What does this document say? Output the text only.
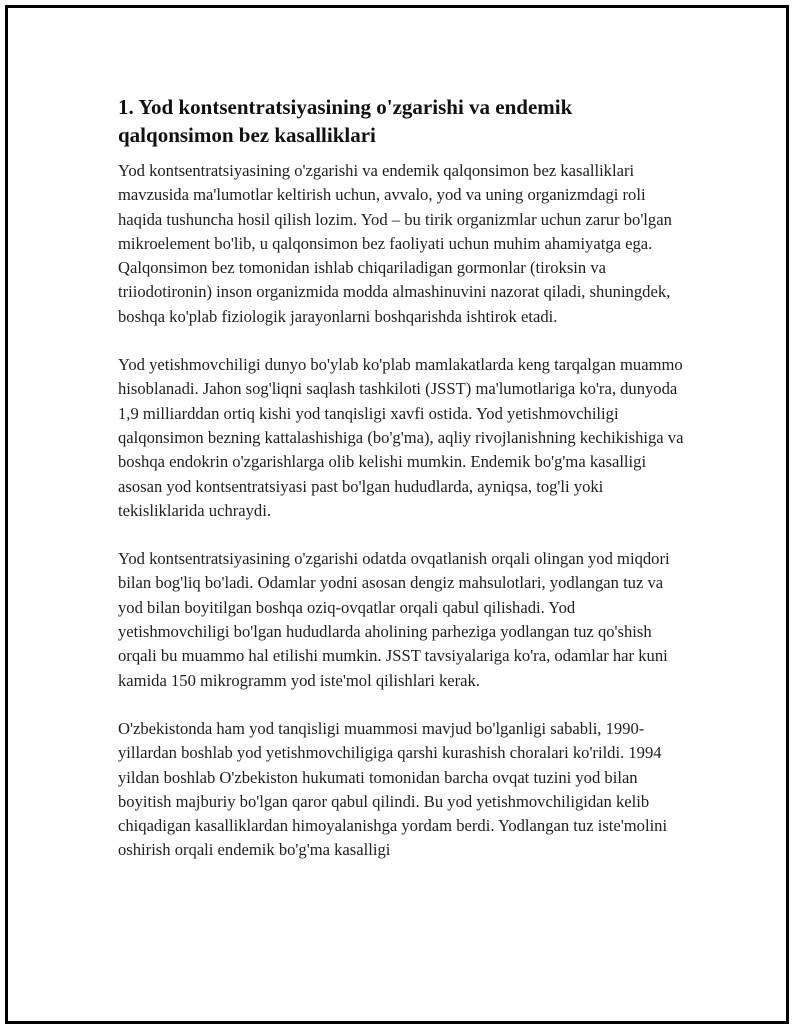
1. Yod kontsentratsiyasining o'zgarishi va endemik qalqonsimon bez kasalliklari

Yod kontsentratsiyasining o'zgarishi va endemik qalqonsimon bez kasalliklari mavzusida ma'lumotlar keltirish uchun, avvalo, yod va uning organizmdagi roli haqida tushuncha hosil qilish lozim. Yod – bu tirik organizmlar uchun zarur bo'lgan mikroelement bo'lib, u qalqonsimon bez faoliyati uchun muhim ahamiyatga ega. Qalqonsimon bez tomonidan ishlab chiqariladigan gormonlar (tiroksin va triiodotironin) inson organizmida modda almashinuvini nazorat qiladi, shuningdek, boshqa ko'plab fiziologik jarayonlarni boshqarishda ishtirok etadi.

Yod yetishmovchiligi dunyo bo'ylab ko'plab mamlakatlarda keng tarqalgan muammo hisoblanadi. Jahon sog'liqni saqlash tashkiloti (JSST) ma'lumotlariga ko'ra, dunyoda 1,9 milliarddan ortiq kishi yod tanqisligi xavfi ostida. Yod yetishmovchiligi qalqonsimon bezning kattalashishiga (bo'g'ma), aqliy rivojlanishning kechikishiga va boshqa endokrin o'zgarishlarga olib kelishi mumkin. Endemik bo'g'ma kasalligi asosan yod kontsentratsiyasi past bo'lgan hududlarda, ayniqsa, tog'li yoki tekisliklarida uchraydi.

Yod kontsentratsiyasining o'zgarishi odatda ovqatlanish orqali olingan yod miqdori bilan bog'liq bo'ladi. Odamlar yodni asosan dengiz mahsulotlari, yodlangan tuz va yod bilan boyitilgan boshqa oziq-ovqatlar orqali qabul qilishadi. Yod yetishmovchiligi bo'lgan hududlarda aholining parheziga yodlangan tuz qo'shish orqali bu muammo hal etilishi mumkin. JSST tavsiyalariga ko'ra, odamlar har kuni kamida 150 mikrogramm yod iste'mol qilishlari kerak.

O'zbekistonda ham yod tanqisligi muammosi mavjud bo'lganligi sababli, 1990-yillardan boshlab yod yetishmovchiligiga qarshi kurashish choralari ko'rildi. 1994 yildan boshlab O'zbekiston hukumati tomonidan barcha ovqat tuzini yod bilan boyitish majburiy bo'lgan qaror qabul qilindi. Bu yod yetishmovchiligidan kelib chiqadigan kasalliklardan himoyalanishga yordam berdi. Yodlangan tuz iste'molini oshirish orqali endemik bo'g'ma kasalligi
